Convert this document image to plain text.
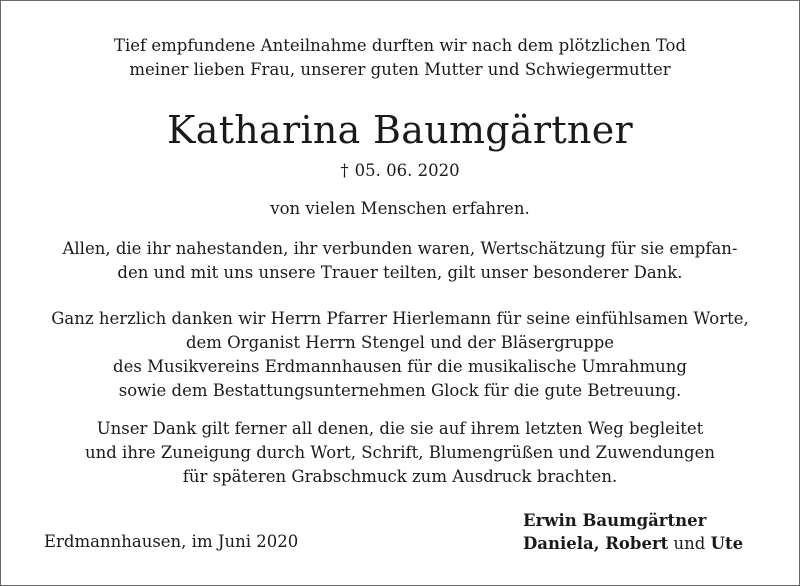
Tief empfundene Anteilnahme durften wir nach dem plötzlichen Tod
meiner lieben Frau, unserer guten Mutter und Schwiegermutter
Katharina Baumgärtner
† 05. 06. 2020
von vielen Menschen erfahren.
Allen, die ihr nahestanden, ihr verbunden waren, Wertschätzung für sie empfan-
den und mit uns unsere Trauer teilten, gilt unser besonderer Dank.
Ganz herzlich danken wir Herrn Pfarrer Hierlemann für seine einfühlsamen Worte,
dem Organist Herrn Stengel und der Bläsergruppe
des Musikvereins Erdmannhausen für die musikalische Umrahmung
sowie dem Bestattungsunternehmen Glock für die gute Betreuung.
Unser Dank gilt ferner all denen, die sie auf ihrem letzten Weg begleitet
und ihre Zuneigung durch Wort, Schrift, Blumengrüßen und Zuwendungen
für späteren Grabschmuck zum Ausdruck brachten.
Erdmannhausen, im Juni 2020
Erwin Baumgärtner
Daniela, Robert und Ute
